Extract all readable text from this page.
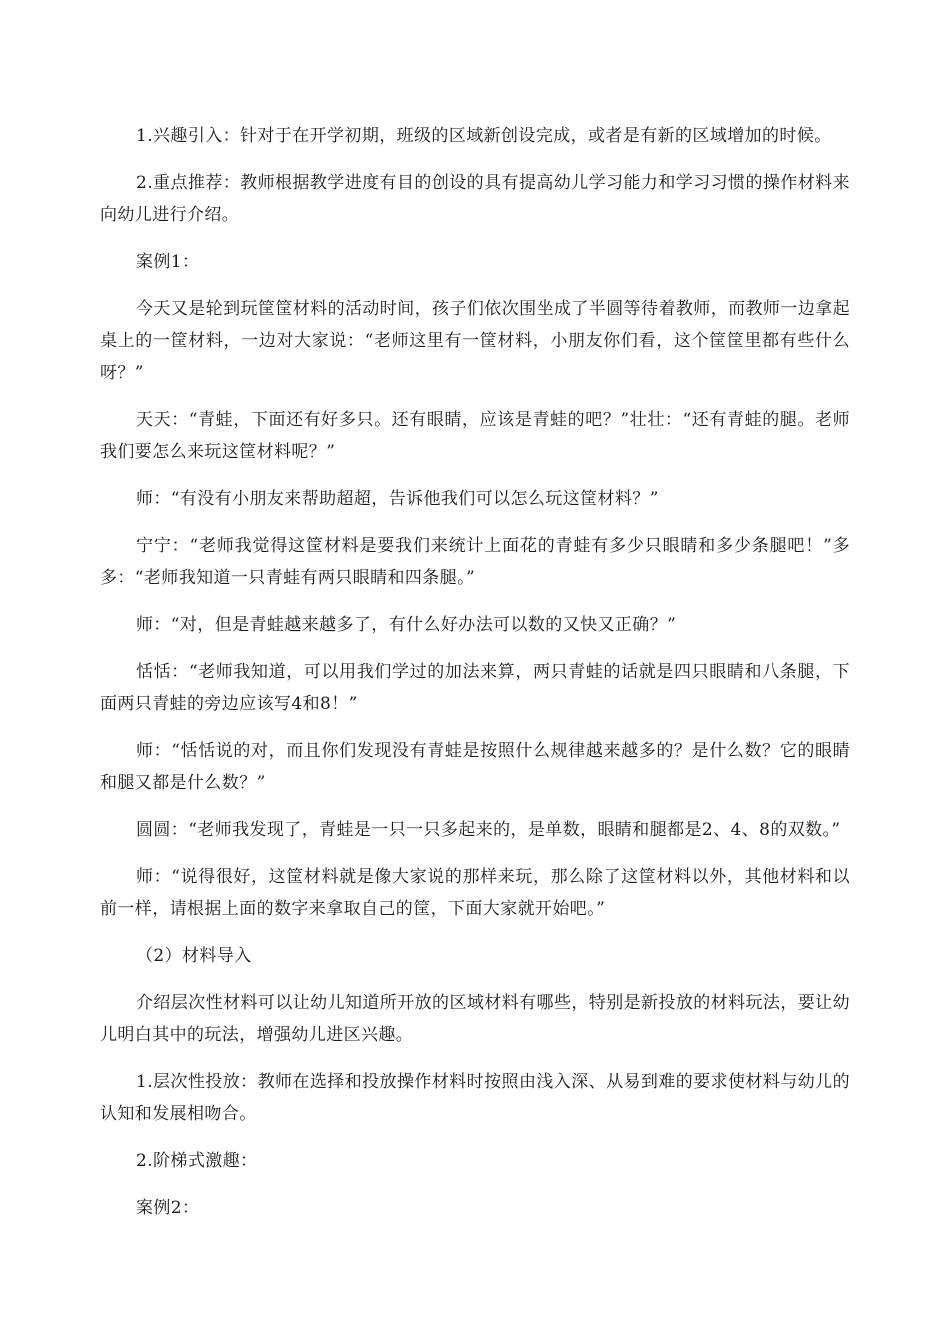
1.兴趣引入：针对于在开学初期，班级的区域新创设完成，或者是有新的区域增加的时候。

2.重点推荐：教师根据教学进度有目的创设的具有提高幼儿学习能力和学习习惯的操作材料来向幼儿进行介绍。

案例1：

今天又是轮到玩筐筐材料的活动时间，孩子们依次围坐成了半圆等待着教师，而教师一边拿起桌上的一筐材料，一边对大家说：“老师这里有一筐材料，小朋友你们看，这个筐筐里都有些什么呀？”

天天：“青蛙，下面还有好多只。还有眼睛，应该是青蛙的吧？”壮壮：“还有青蛙的腿。老师我们要怎么来玩这筐材料呢？”

师：“有没有小朋友来帮助超超，告诉他我们可以怎么玩这筐材料？”

宁宁：“老师我觉得这筐材料是要我们来统计上面花的青蛙有多少只眼睛和多少条腿吧！”多多：“老师我知道一只青蛙有两只眼睛和四条腿。”

师：“对，但是青蛙越来越多了，有什么好办法可以数的又快又正确？”

恬恬：“老师我知道，可以用我们学过的加法来算，两只青蛙的话就是四只眼睛和八条腿，下面两只青蛙的旁边应该写4和8！”

师：“恬恬说的对，而且你们发现没有青蛙是按照什么规律越来越多的？是什么数？它的眼睛和腿又都是什么数？”

圆圆：“老师我发现了，青蛙是一只一只多起来的，是单数，眼睛和腿都是2、4、8的双数。”

师：“说得很好，这筐材料就是像大家说的那样来玩，那么除了这筐材料以外，其他材料和以前一样，请根据上面的数字来拿取自己的筐，下面大家就开始吧。”

（2）材料导入

介绍层次性材料可以让幼儿知道所开放的区域材料有哪些，特别是新投放的材料玩法，要让幼儿明白其中的玩法，增强幼儿进区兴趣。

1.层次性投放：教师在选择和投放操作材料时按照由浅入深、从易到难的要求使材料与幼儿的认知和发展相吻合。

2.阶梯式激趣：

案例2：
